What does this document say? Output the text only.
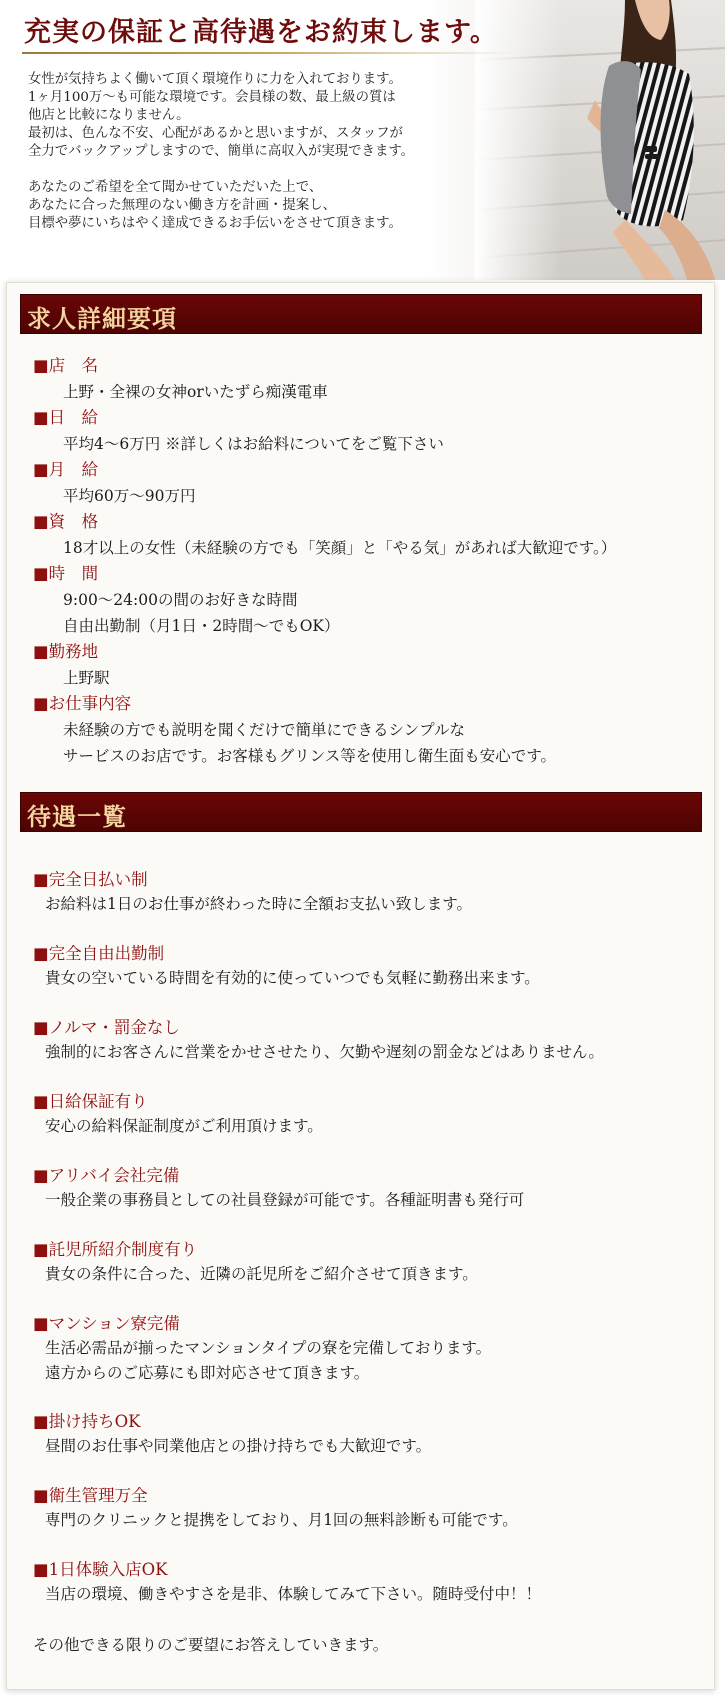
充実の保証と高待遇をお約束します。

女性が気持ちよく働いて頂く環境作りに力を入れております。

1ヶ月100万〜も可能な環境です。会員様の数、最上級の質は

他店と比較になりません。

最初は、色んな不安、心配があるかと思いますが、スタッフが

全力でバックアップしますので、簡単に高収入が実現できます。

あなたのご希望を全て聞かせていただいた上で、

あなたに合った無理のない働き方を計画・提案し、

目標や夢にいちはやく達成できるお手伝いをさせて頂きます。

求人詳細要項
■店　名
上野・全裸の女神orいたずら痴漢電車
■日　給
平均4〜6万円 ※詳しくはお給料についてをご覧下さい
■月　給
平均60万〜90万円
■資　格
18才以上の女性（未経験の方でも「笑顔」と「やる気」があれば大歓迎です。）
■時　間
9:00〜24:00の間のお好きな時間
自由出勤制（月1日・2時間〜でもOK）
■勤務地
上野駅
■お仕事内容
未経験の方でも説明を聞くだけで簡単にできるシンプルな
サービスのお店です。お客様もグリンス等を使用し衛生面も安心です。
待遇一覧
■完全日払い制
お給料は1日のお仕事が終わった時に全額お支払い致します。
■完全自由出勤制
貴女の空いている時間を有効的に使っていつでも気軽に勤務出来ます。
■ノルマ・罰金なし
強制的にお客さんに営業をかせさせたり、欠勤や遅刻の罰金などはありません。
■日給保証有り
安心の給料保証制度がご利用頂けます。
■アリバイ会社完備
一般企業の事務員としての社員登録が可能です。各種証明書も発行可
■託児所紹介制度有り
貴女の条件に合った、近隣の託児所をご紹介させて頂きます。
■マンション寮完備
生活必需品が揃ったマンションタイプの寮を完備しております。
遠方からのご応募にも即対応させて頂きます。
■掛け持ちOK
昼間のお仕事や同業他店との掛け持ちでも大歓迎です。
■衛生管理万全
専門のクリニックと提携をしており、月1回の無料診断も可能です。
■1日体験入店OK
当店の環境、働きやすさを是非、体験してみて下さい。随時受付中！！
その他できる限りのご要望にお答えしていきます。
